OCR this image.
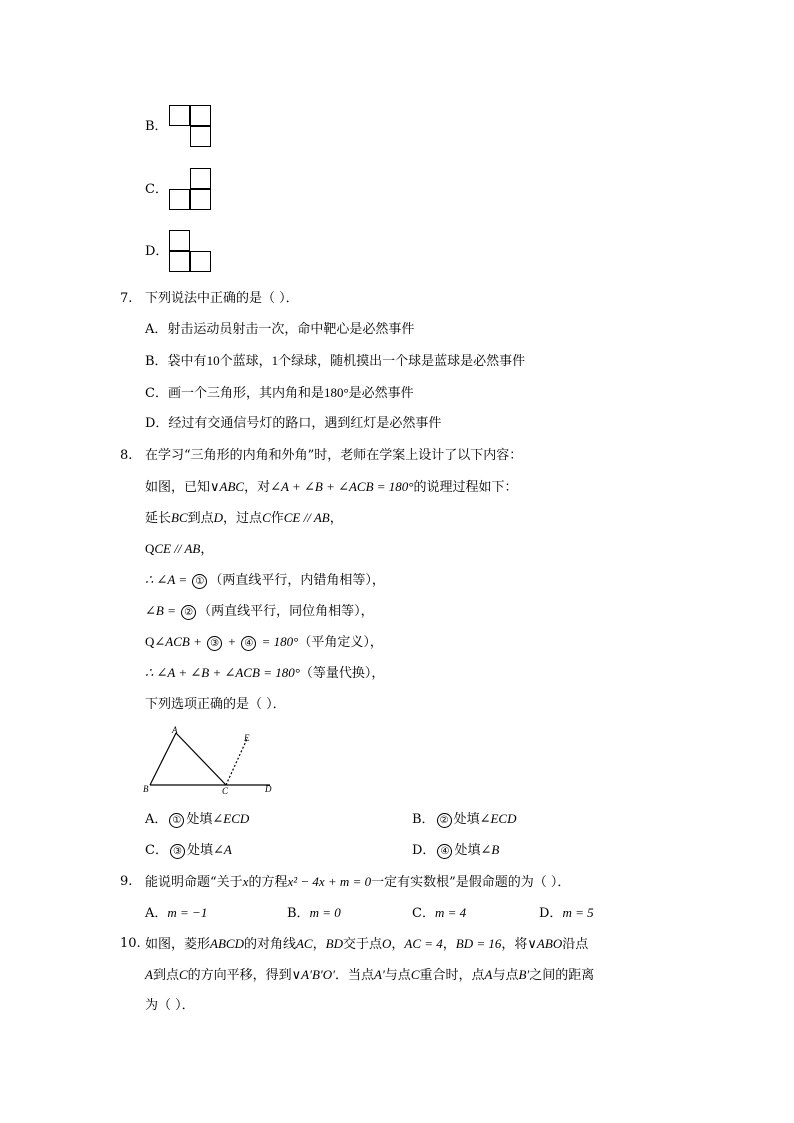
B．
C．
D．
7. 下列说法中正确的是（ ）．
A．射击运动员射击一次，命中靶心是必然事件
B．袋中有10个蓝球，1个绿球，随机摸出一个球是蓝球是必然事件
C．画一个三角形，其内角和是180°是必然事件
D．经过有交通信号灯的路口，遇到红灯是必然事件
8. 在学习“三角形的内角和外角”时，老师在学案上设计了以下内容：
如图，已知∨ABC，对∠A + ∠B + ∠ACB = 180°的说理过程如下：
延长BC到点D，过点C作CE // AB，
QCE // AB，
∴ ∠A = ① （两直线平行，内错角相等），
∠B = ② （两直线平行，同位角相等），
Q∠ACB + ③ + ④ = 180°（平角定义），
∴ ∠A + ∠B + ∠ACB = 180°（等量代换），
下列选项正确的是（ ）．
A
B	C	D
E
A． ① 处填∠ECD	B． ② 处填∠ECD
C． ③ 处填∠A	D． ④ 处填∠B
9. 能说明命题“关于x的方程x² − 4x + m = 0一定有实数根”是假命题的为（ ）．
A．m = −1	B．m = 0	C．m = 4	D．m = 5
10. 如图，菱形ABCD的对角线AC，BD交于点O，AC = 4，BD = 16，将∨ABO沿点
A到点C的方向平移，得到∨A′B′O′．当点A′与点C重合时，点A与点B′之间的距离
为（ ）．
